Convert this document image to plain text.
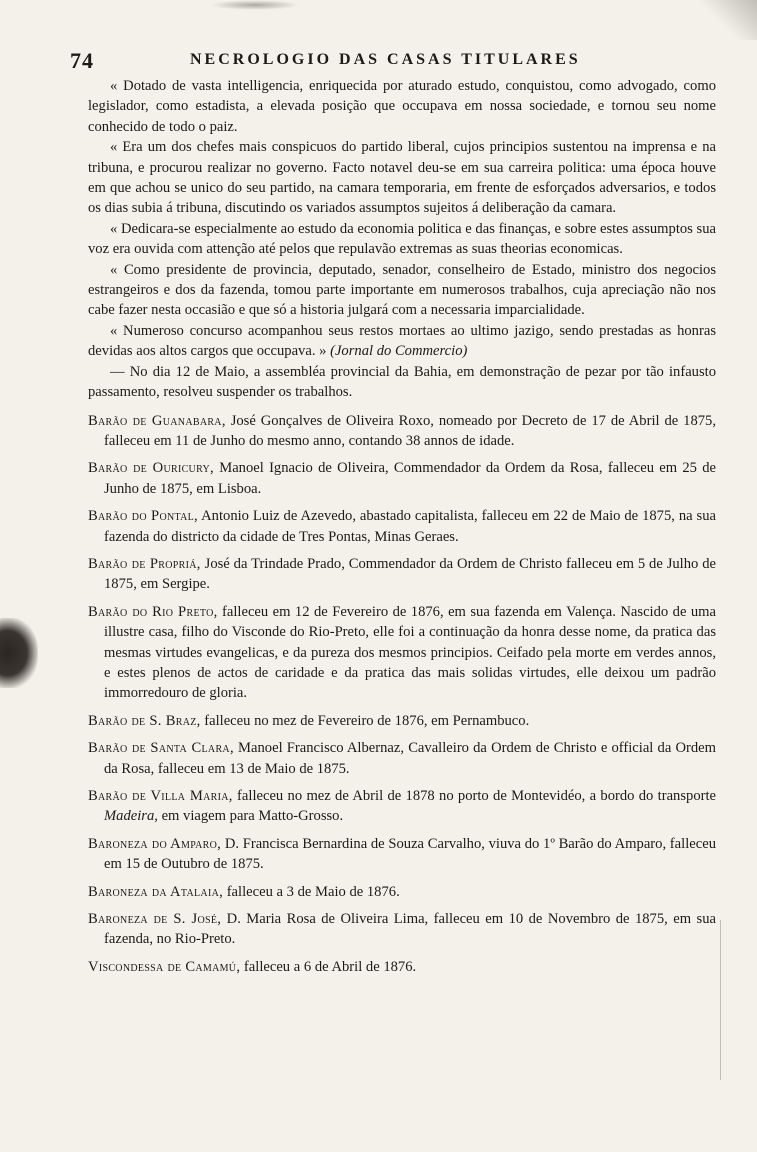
74	NECROLOGIO DAS CASAS TITULARES

« Dotado de vasta intelligencia, enriquecida por aturado estudo, conquistou, como advogado, como legislador, como estadista, a elevada posição que occupava em nossa sociedade, e tornou seu nome conhecido de todo o paiz.

« Era um dos chefes mais conspicuos do partido liberal, cujos principios sustentou na imprensa e na tribuna, e procurou realizar no governo. Facto notavel deu-se em sua carreira politica: uma época houve em que achou se unico do seu partido, na camara temporaria, em frente de esforçados adversarios, e todos os dias subia á tribuna, discutindo os variados assumptos sujeitos á deliberação da camara.

« Dedicara-se especialmente ao estudo da economia politica e das finanças, e sobre estes assumptos sua voz era ouvida com attenção até pelos que repulavão extremas as suas theorias economicas.

« Como presidente de provincia, deputado, senador, conselheiro de Estado, ministro dos negocios estrangeiros e dos da fazenda, tomou parte importante em numerosos trabalhos, cuja apreciação não nos cabe fazer nesta occasião e que só a historia julgará com a necessaria imparcialidade.

« Numeroso concurso acompanhou seus restos mortaes ao ultimo jazigo, sendo prestadas as honras devidas aos altos cargos que occupava. » (Jornal do Commercio)

— No dia 12 de Maio, a assembléa provincial da Bahia, em demonstração de pezar por tão infausto passamento, resolveu suspender os trabalhos.

Barão de Guanabara, José Gonçalves de Oliveira Roxo, nomeado por Decreto de 17 de Abril de 1875, falleceu em 11 de Junho do mesmo anno, contando 38 annos de idade.

Barão de Ouricury, Manoel Ignacio de Oliveira, Commendador da Ordem da Rosa, falleceu em 25 de Junho de 1875, em Lisboa.

Barão do Pontal, Antonio Luiz de Azevedo, abastado capitalista, falleceu em 22 de Maio de 1875, na sua fazenda do districto da cidade de Tres Pontas, Minas Geraes.

Barão de Propriá, José da Trindade Prado, Commendador da Ordem de Christo falleceu em 5 de Julho de 1875, em Sergipe.

Barão do Rio Preto, falleceu em 12 de Fevereiro de 1876, em sua fazenda em Valença. Nascido de uma illustre casa, filho do Visconde do Rio-Preto, elle foi a continuação da honra desse nome, da pratica das mesmas virtudes evangelicas, e da pureza dos mesmos principios. Ceifado pela morte em verdes annos, e estes plenos de actos de caridade e da pratica das mais solidas virtudes, elle deixou um padrão immorredouro de gloria.

Barão de S. Braz, falleceu no mez de Fevereiro de 1876, em Pernambuco.

Barão de Santa Clara, Manoel Francisco Albernaz, Cavalleiro da Ordem de Christo e official da Ordem da Rosa, falleceu em 13 de Maio de 1875.

Barão de Villa Maria, falleceu no mez de Abril de 1878 no porto de Montevidéo, a bordo do transporte Madeira, em viagem para Matto-Grosso.

Baroneza do Amparo, D. Francisca Bernardina de Souza Carvalho, viuva do 1º Barão do Amparo, falleceu em 15 de Outubro de 1875.

Baroneza da Atalaia, falleceu a 3 de Maio de 1876.

Baroneza de S. José, D. Maria Rosa de Oliveira Lima, falleceu em 10 de Novembro de 1875, em sua fazenda, no Rio-Preto.

Viscondessa de Camamú, falleceu a 6 de Abril de 1876.
